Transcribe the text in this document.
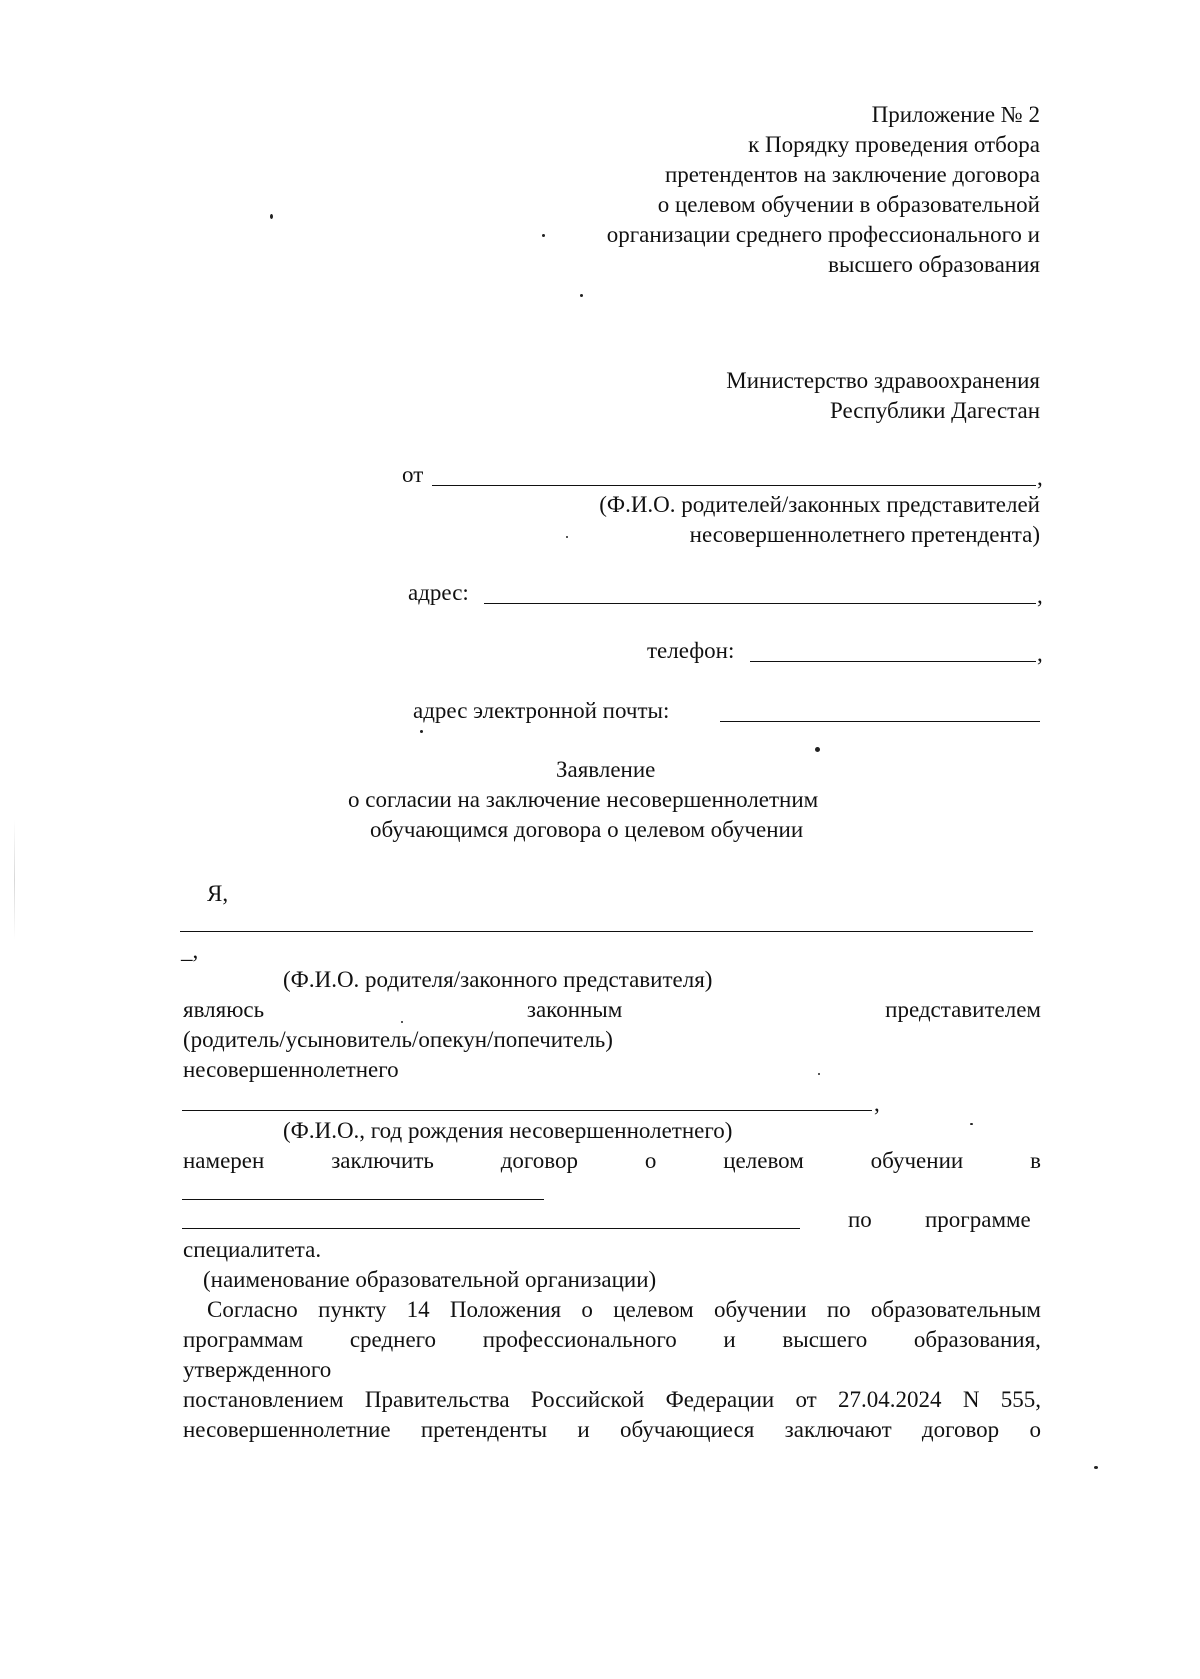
Приложение № 2
к Порядку проведения отбора
претендентов на заключение договора
о целевом обучении в образовательной
организации среднего профессионального и
высшего образования
Министерство здравоохранения
Республики Дагестан
от	,
(Ф.И.О. родителей/законных представителей
несовершеннолетнего претендента)
адрес:	,
телефон:	,
адрес электронной почты:
Заявление
о согласии на заключение несовершеннолетним
обучающимся договора о целевом обучении
Я,
_,
(Ф.И.О. родителя/законного представителя)
являюсь	законным	представителем
(родитель/усыновитель/опекун/попечитель)
несовершеннолетнего
,
(Ф.И.О., год рождения несовершеннолетнего)
намерен	заключить	договор	о	целевом	обучении	в
по программе
специалитета.
(наименование образовательной организации)
Согласно пункту 14 Положения о целевом обучении по образовательным
программам среднего профессионального и высшего образования,
утвержденного
постановлением Правительства Российской Федерации от 27.04.2024 N 555,
несовершеннолетние претенденты и обучающиеся заключают договор о
